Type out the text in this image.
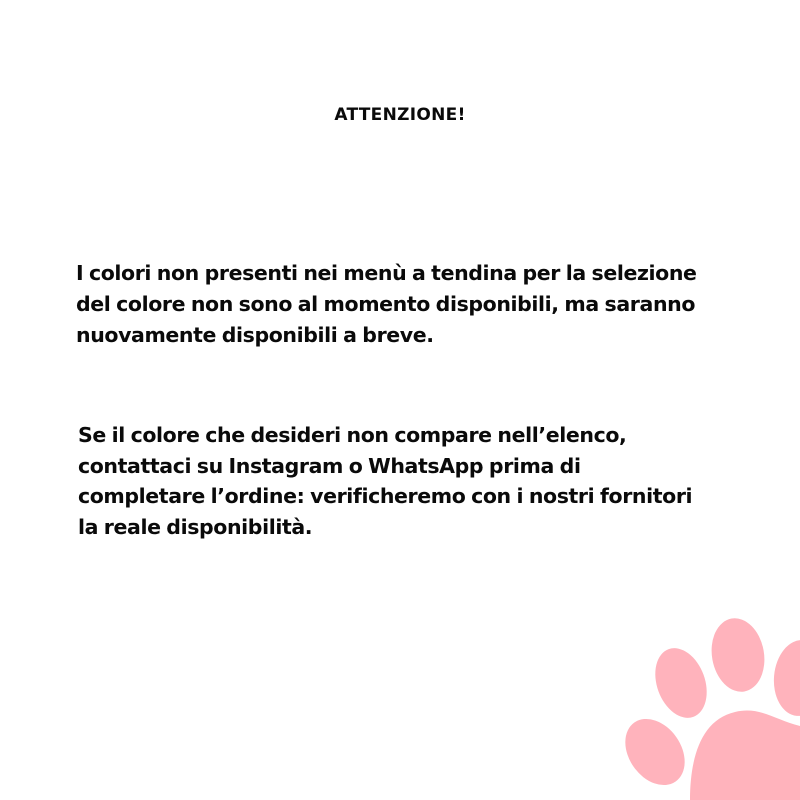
ATTENZIONE!

I colori non presenti nei menù a tendina per la selezione
del colore non sono al momento disponibili, ma saranno
nuovamente disponibili a breve.

Se il colore che desideri non compare nell’elenco,
contattaci su Instagram o WhatsApp prima di
completare l’ordine: verificheremo con i nostri fornitori
la reale disponibilità.
